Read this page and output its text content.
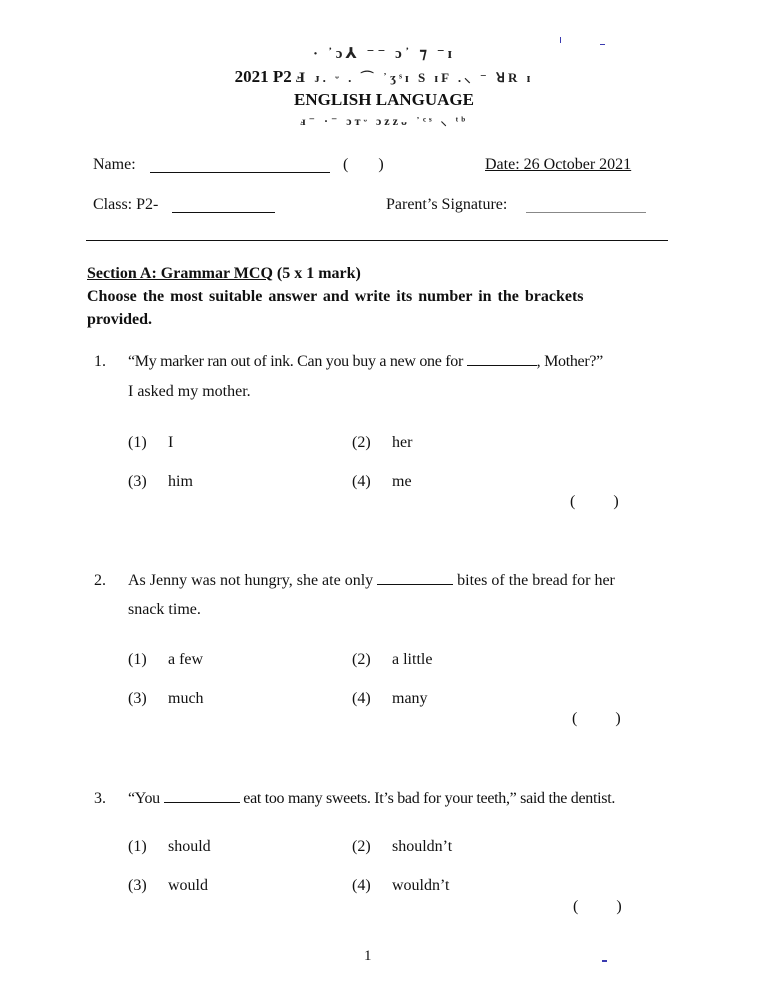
· ᾽ɔ⅄ ⁻⁻ ɔ᾽ ⁊ ⁻ɪ
2021 P2 Ⅎ ᴊ. ᵕ . ⌒ ᾽ʒˢɪ S ɪF .⸜ ⁻ ꓤR ɪ
ENGLISH LANGUAGE
ⅎ⁻ ·⁻ ɔᴛᵕ ɔᴢᴢᴗ ᾽ᶜˢ ⸜ ᵗᵇ
Name:	( )	Date: 26 October 2021
Class: P2-	Parent’s Signature:
Section A: Grammar MCQ (5 x 1 mark)
Choose the most suitable answer and write its number in the brackets
provided.
1. “My marker ran out of ink. Can you buy a new one for	, Mother?”
I asked my mother.
(1) I	(2) her
(3) him	(4) me
( )
2. As Jenny was not hungry, she ate only	bites of the bread for her
snack time.
(1) a few	(2) a little
(3) much	(4) many
( )
3. “You	eat too many sweets. It’s bad for your teeth,” said the dentist.
(1) should	(2) shouldn’t
(3) would	(4) wouldn’t
( )
1
